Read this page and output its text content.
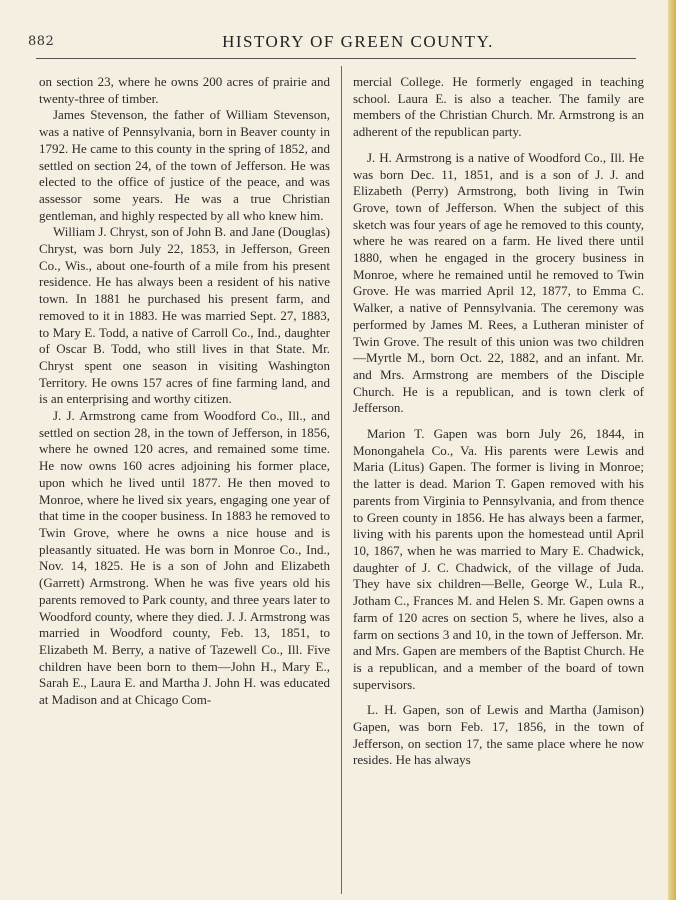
882	HISTORY OF GREEN COUNTY.

on section 23, where he owns 200 acres of prairie and twenty-three of timber.

James Stevenson, the father of William Stevenson, was a native of Pennsylvania, born in Beaver county in 1792. He came to this county in the spring of 1852, and settled on section 24, of the town of Jefferson. He was elected to the office of justice of the peace, and was assessor some years. He was a true Christian gentleman, and highly respected by all who knew him.

William J. Chryst, son of John B. and Jane (Douglas) Chryst, was born July 22, 1853, in Jefferson, Green Co., Wis., about one-fourth of a mile from his present residence. He has always been a resident of his native town. In 1881 he purchased his present farm, and removed to it in 1883. He was married Sept. 27, 1883, to Mary E. Todd, a native of Carroll Co., Ind., daughter of Oscar B. Todd, who still lives in that State. Mr. Chryst spent one season in visiting Washington Territory. He owns 157 acres of fine farming land, and is an enterprising and worthy citizen.

J. J. Armstrong came from Woodford Co., Ill., and settled on section 28, in the town of Jefferson, in 1856, where he owned 120 acres, and remained some time. He now owns 160 acres adjoining his former place, upon which he lived until 1877. He then moved to Monroe, where he lived six years, engaging one year of that time in the cooper business. In 1883 he removed to Twin Grove, where he owns a nice house and is pleasantly situated. He was born in Monroe Co., Ind., Nov. 14, 1825. He is a son of John and Elizabeth (Garrett) Armstrong. When he was five years old his parents removed to Park county, and three years later to Woodford county, where they died. J. J. Armstrong was married in Woodford county, Feb. 13, 1851, to Elizabeth M. Berry, a native of Tazewell Co., Ill. Five children have been born to them—John H., Mary E., Sarah E., Laura E. and Martha J. John H. was educated at Madison and at Chicago Com-

mercial College. He formerly engaged in teaching school. Laura E. is also a teacher. The family are members of the Christian Church. Mr. Armstrong is an adherent of the republican party.

J. H. Armstrong is a native of Woodford Co., Ill. He was born Dec. 11, 1851, and is a son of J. J. and Elizabeth (Perry) Armstrong, both living in Twin Grove, town of Jefferson. When the subject of this sketch was four years of age he removed to this county, where he was reared on a farm. He lived there until 1880, when he engaged in the grocery business in Monroe, where he remained until he removed to Twin Grove. He was married April 12, 1877, to Emma C. Walker, a native of Pennsylvania. The ceremony was performed by James M. Rees, a Lutheran minister of Twin Grove. The result of this union was two children—Myrtle M., born Oct. 22, 1882, and an infant. Mr. and Mrs. Armstrong are members of the Disciple Church. He is a republican, and is town clerk of Jefferson.

Marion T. Gapen was born July 26, 1844, in Monongahela Co., Va. His parents were Lewis and Maria (Litus) Gapen. The former is living in Monroe; the latter is dead. Marion T. Gapen removed with his parents from Virginia to Pennsylvania, and from thence to Green county in 1856. He has always been a farmer, living with his parents upon the homestead until April 10, 1867, when he was married to Mary E. Chadwick, daughter of J. C. Chadwick, of the village of Juda. They have six children—Belle, George W., Lula R., Jotham C., Frances M. and Helen S. Mr. Gapen owns a farm of 120 acres on section 5, where he lives, also a farm on sections 3 and 10, in the town of Jefferson. Mr. and Mrs. Gapen are members of the Baptist Church. He is a republican, and a member of the board of town supervisors.

L. H. Gapen, son of Lewis and Martha (Jamison) Gapen, was born Feb. 17, 1856, in the town of Jefferson, on section 17, the same place where he now resides. He has always
